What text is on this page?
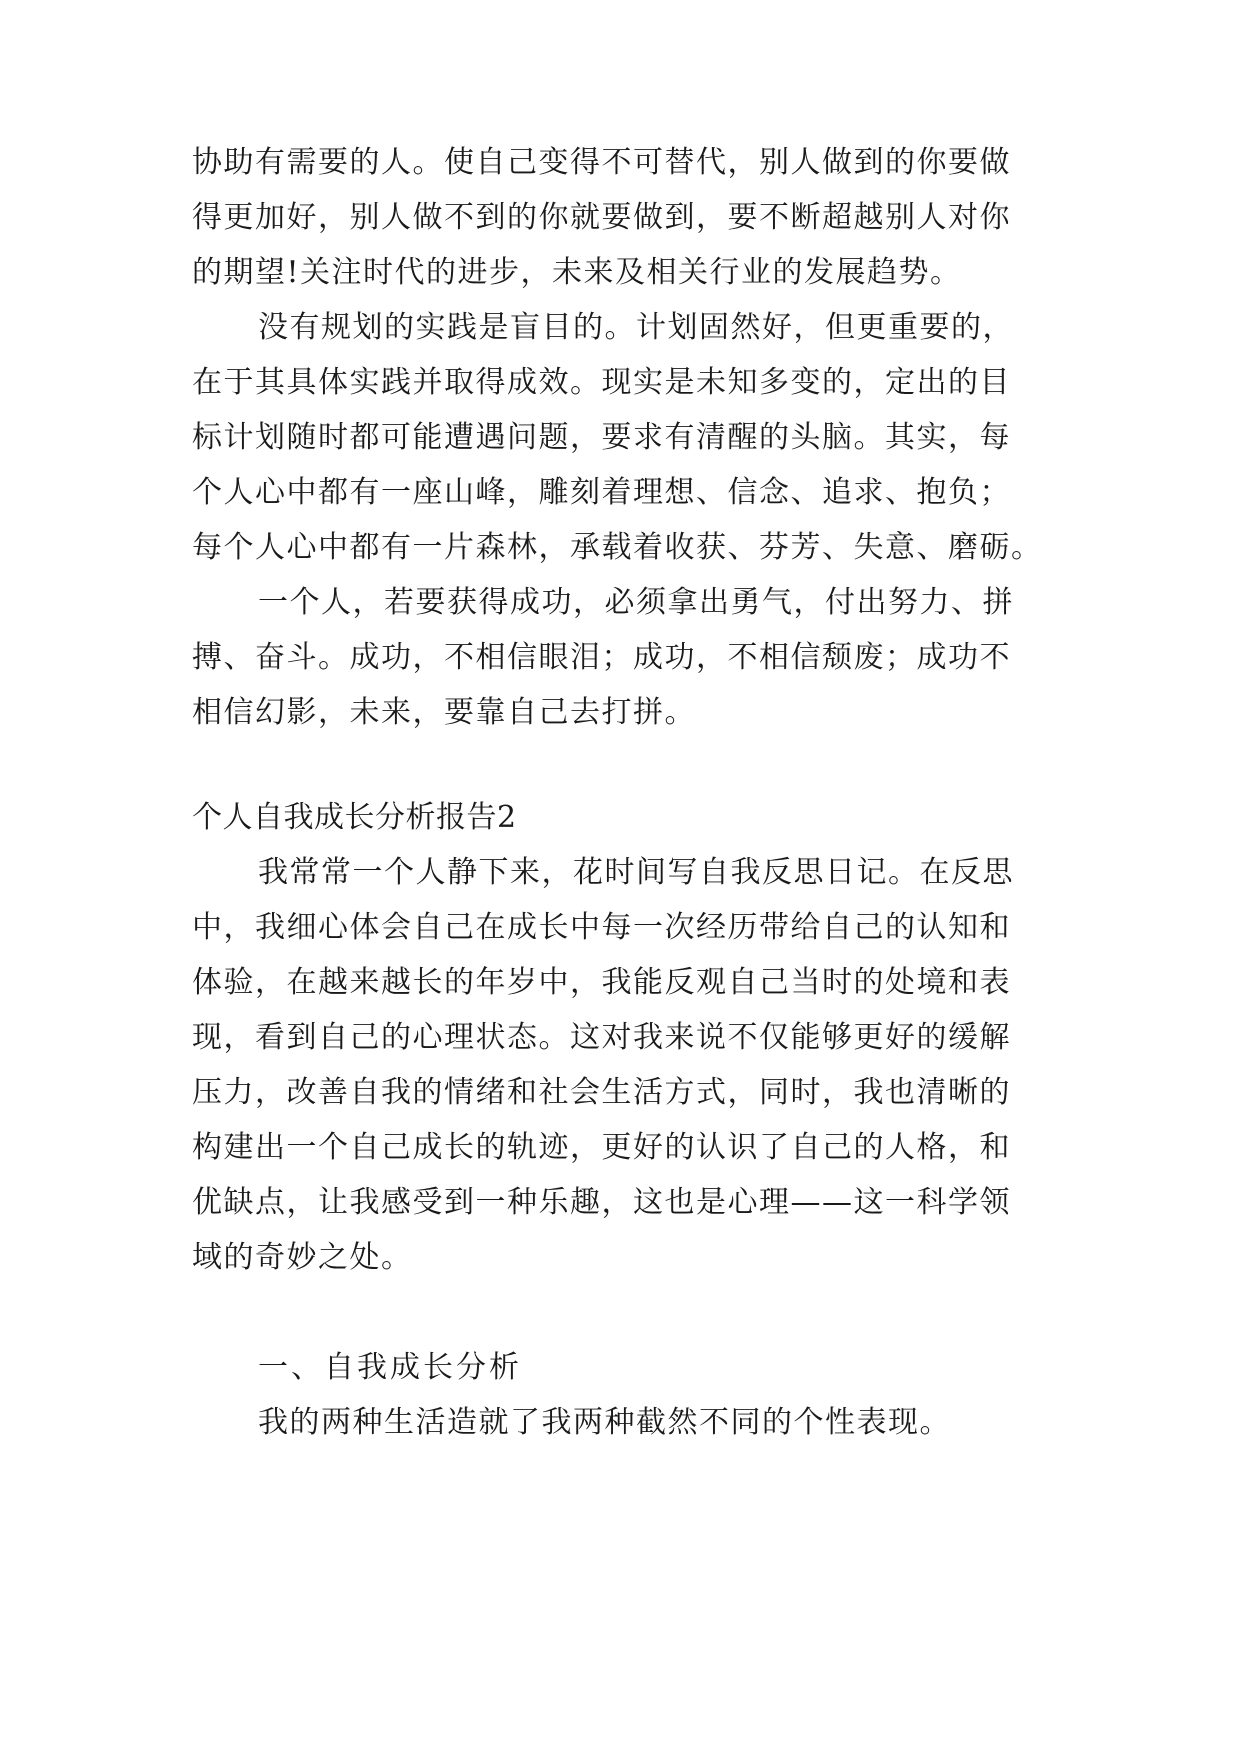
协助有需要的人。使自己变得不可替代，别人做到的你要做
得更加好，别人做不到的你就要做到，要不断超越别人对你
的期望!关注时代的进步，未来及相关行业的发展趋势。
没有规划的实践是盲目的。计划固然好，但更重要的，
在于其具体实践并取得成效。现实是未知多变的，定出的目
标计划随时都可能遭遇问题，要求有清醒的头脑。其实，每
个人心中都有一座山峰，雕刻着理想、信念、追求、抱负；
每个人心中都有一片森林，承载着收获、芬芳、失意、磨砺。
一个人，若要获得成功，必须拿出勇气，付出努力、拼
搏、奋斗。成功，不相信眼泪；成功，不相信颓废；成功不
相信幻影，未来，要靠自己去打拼。
个人自我成长分析报告2
我常常一个人静下来，花时间写自我反思日记。在反思
中，我细心体会自己在成长中每一次经历带给自己的认知和
体验，在越来越长的年岁中，我能反观自己当时的处境和表
现，看到自己的心理状态。这对我来说不仅能够更好的缓解
压力，改善自我的情绪和社会生活方式，同时，我也清晰的
构建出一个自己成长的轨迹，更好的认识了自己的人格，和
优缺点，让我感受到一种乐趣，这也是心理——这一科学领
域的奇妙之处。
一、自我成长分析
我的两种生活造就了我两种截然不同的个性表现。
